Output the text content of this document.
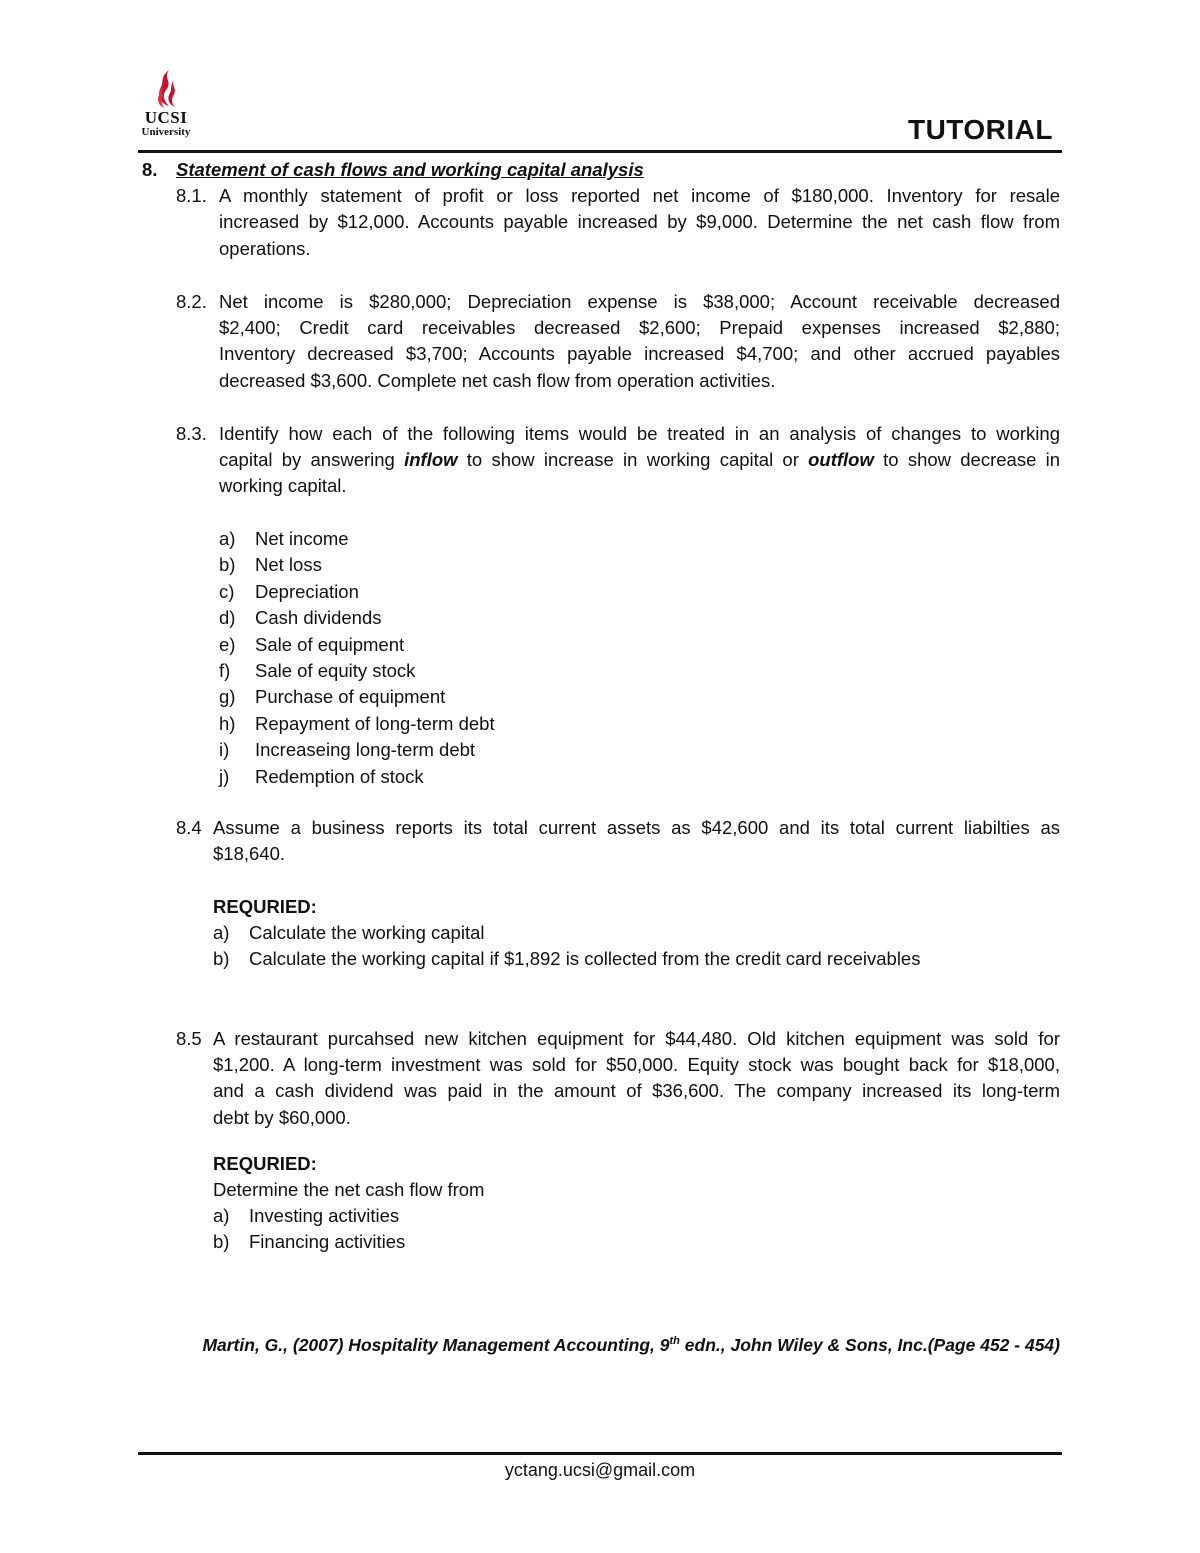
UCSI
University	TUTORIAL
8. Statement of cash flows and working capital analysis
8.1. A monthly statement of profit or loss reported net income of $180,000. Inventory for resale
increased by $12,000. Accounts payable increased by $9,000. Determine the net cash flow from
operations.
8.2. Net income is $280,000; Depreciation expense is $38,000; Account receivable decreased
$2,400; Credit card receivables decreased $2,600; Prepaid expenses increased $2,880;
Inventory decreased $3,700; Accounts payable increased $4,700; and other accrued payables
decreased $3,600. Complete net cash flow from operation activities.
8.3. Identify how each of the following items would be treated in an analysis of changes to working
capital by answering inflow to show increase in working capital or outflow to show decrease in
working capital.
a) Net income
b) Net loss
c) Depreciation
d) Cash dividends
e) Sale of equipment
f) Sale of equity stock
g) Purchase of equipment
h) Repayment of long-term debt
i) Increaseing long-term debt
j) Redemption of stock
8.4 Assume a business reports its total current assets as $42,600 and its total current liabilties as
$18,640.
REQURIED:
a) Calculate the working capital
b) Calculate the working capital if $1,892 is collected from the credit card receivables
8.5 A restaurant purcahsed new kitchen equipment for $44,480. Old kitchen equipment was sold for
$1,200. A long-term investment was sold for $50,000. Equity stock was bought back for $18,000,
and a cash dividend was paid in the amount of $36,600. The company increased its long-term
debt by $60,000.
REQURIED:
Determine the net cash flow from
a) Investing activities
b) Financing activities
Martin, G., (2007) Hospitality Management Accounting, 9th edn., John Wiley & Sons, Inc.(Page 452 - 454)
yctang.ucsi@gmail.com
